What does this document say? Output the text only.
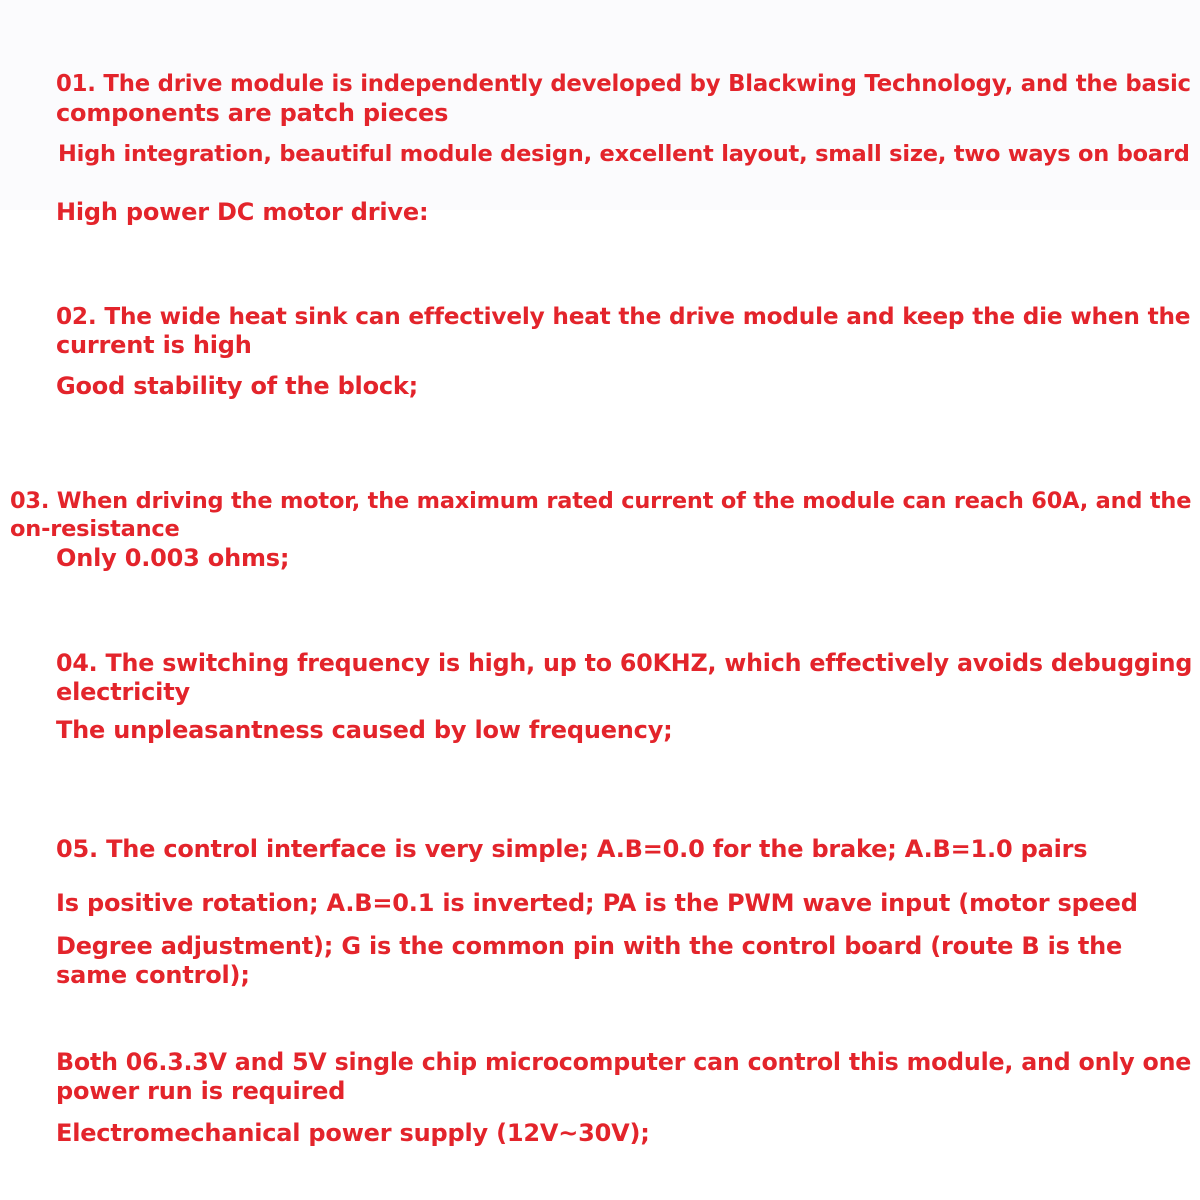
01. The drive module is independently developed by Blackwing Technology, and the basic
components are patch pieces
High integration, beautiful module design, excellent layout, small size, two ways on board
High power DC motor drive:
02. The wide heat sink can effectively heat the drive module and keep the die when the
current is high
Good stability of the block;
03. When driving the motor, the maximum rated current of the module can reach 60A, and the
on-resistance
Only 0.003 ohms;
04. The switching frequency is high, up to 60KHZ, which effectively avoids debugging
electricity
The unpleasantness caused by low frequency;
05. The control interface is very simple; A.B=0.0 for the brake; A.B=1.0 pairs
Is positive rotation; A.B=0.1 is inverted; PA is the PWM wave input (motor speed
Degree adjustment); G is the common pin with the control board (route B is the
same control);
Both 06.3.3V and 5V single chip microcomputer can control this module, and only one
power run is required
Electromechanical power supply (12V~30V);
